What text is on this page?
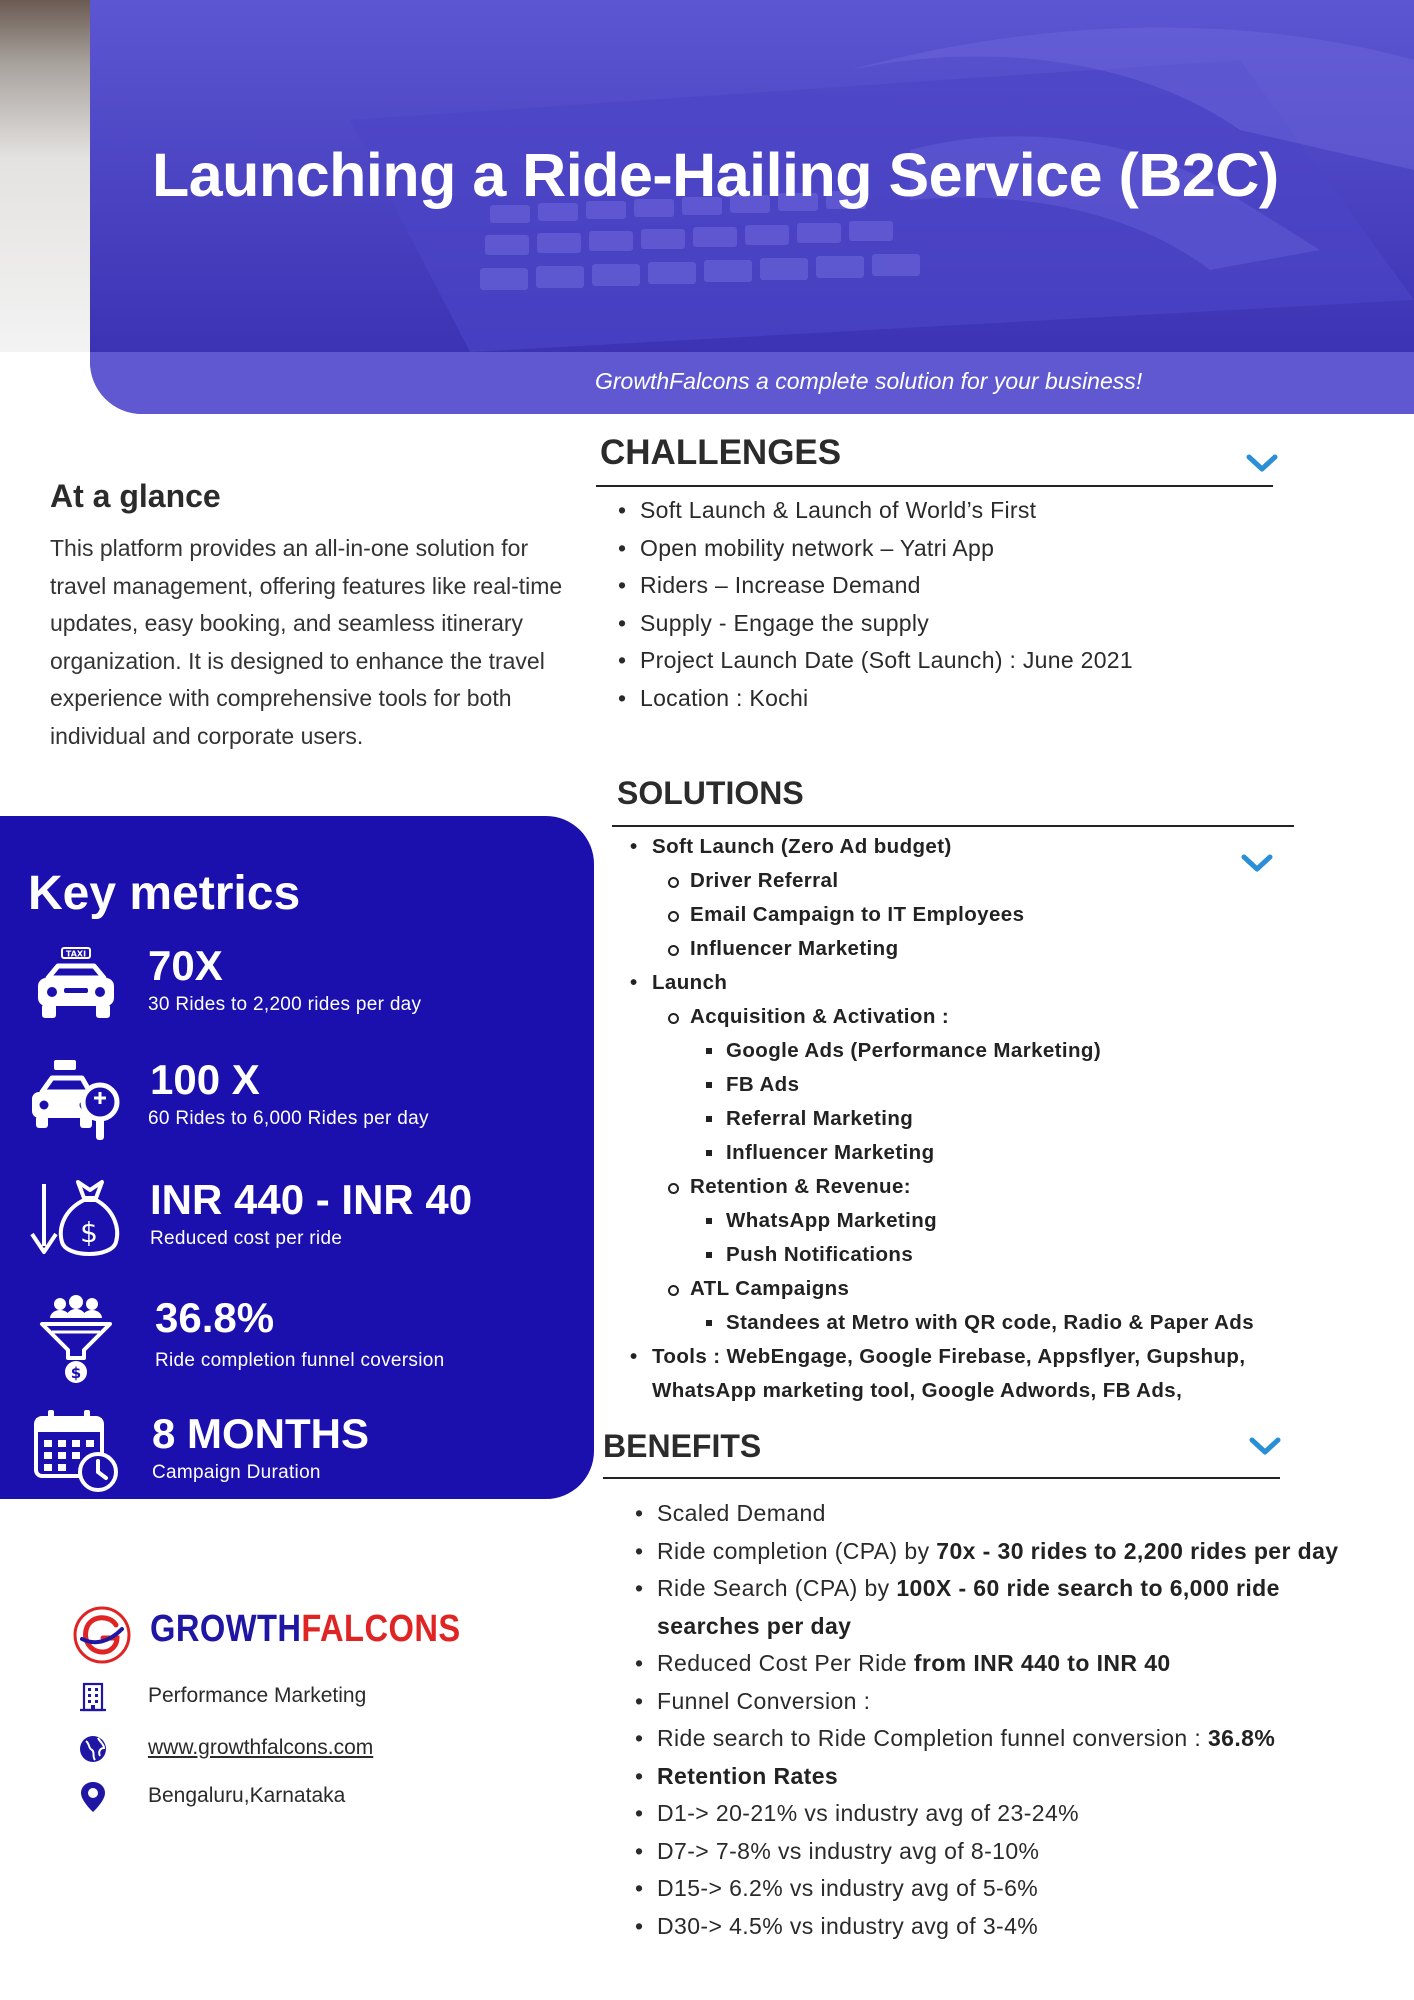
Launching a Ride-Hailing Service (B2C)
GrowthFalcons a complete solution for your business!
At a glance

This platform provides an all-in-one solution for travel management, offering features like real-time updates, easy booking, and seamless itinerary organization. It is designed to enhance the travel experience with comprehensive tools for both individual and corporate users.

Key metrics
TAXI 70X
30 Rides to 2,200 rides per day
100 X
60 Rides to 6,000 Rides per day
$
INR 440 - INR 40
Reduced cost per ride
$
36.8%
Ride completion funnel coversion
8 MONTHS
Campaign Duration
GROWTHFALCONS
Performance Marketing
www.growthfalcons.com
Bengaluru,Karnataka
CHALLENGES
• Soft Launch & Launch of World’s First
• Open mobility network – Yatri App
• Riders – Increase Demand
• Supply - Engage the supply
• Project Launch Date (Soft Launch) : June 2021
• Location : Kochi
SOLUTIONS
• Soft Launch (Zero Ad budget)
Driver Referral
Email Campaign to IT Employees
Influencer Marketing
• Launch
Acquisition & Activation :
Google Ads (Performance Marketing)
FB Ads
Referral Marketing
Influencer Marketing
Retention & Revenue:
WhatsApp Marketing
Push Notifications
ATL Campaigns
Standees at Metro with QR code, Radio & Paper Ads
• Tools : WebEngage, Google Firebase, Appsflyer, Gupshup,
WhatsApp marketing tool, Google Adwords, FB Ads,
BENEFITS
• Scaled Demand
• Ride completion (CPA) by 70x - 30 rides to 2,200 rides per day
• Ride Search (CPA) by 100X - 60 ride search to 6,000 ride searches per day
• Reduced Cost Per Ride from INR 440 to INR 40
• Funnel Conversion :
• Ride search to Ride Completion funnel conversion : 36.8%
• Retention Rates
• D1-> 20-21% vs industry avg of 23-24%
• D7-> 7-8% vs industry avg of 8-10%
• D15-> 6.2% vs industry avg of 5-6%
• D30-> 4.5% vs industry avg of 3-4%
